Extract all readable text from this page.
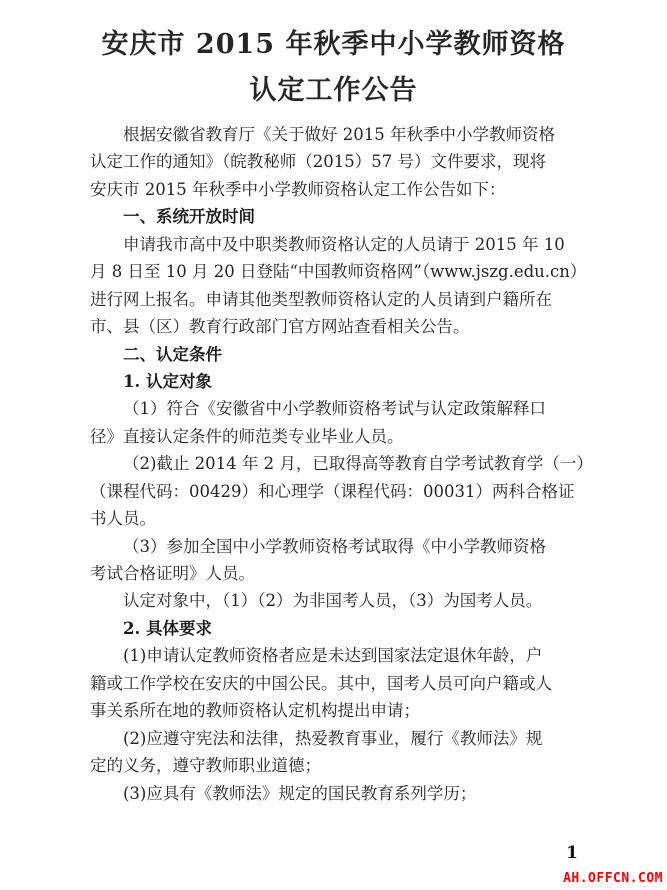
安庆市 2015 年秋季中小学教师资格
认定工作公告
根据安徽省教育厅《关于做好 2015 年秋季中小学教师资格
认定工作的通知》（皖教秘师（2015）57 号）文件要求，现将
安庆市 2015 年秋季中小学教师资格认定工作公告如下：
一、系统开放时间
申请我市高中及中职类教师资格认定的人员请于 2015 年 10
月 8 日至 10 月 20 日登陆“中国教师资格网”（www.jszg.edu.cn）
进行网上报名。申请其他类型教师资格认定的人员请到户籍所在
市、县（区）教育行政部门官方网站查看相关公告。
二、认定条件
1. 认定对象
（1）符合《安徽省中小学教师资格考试与认定政策解释口
径》直接认定条件的师范类专业毕业人员。
（2)截止 2014 年 2 月，已取得高等教育自学考试教育学（一）
（课程代码：00429）和心理学（课程代码：00031）两科合格证
书人员。
（3）参加全国中小学教师资格考试取得《中小学教师资格
考试合格证明》人员。
认定对象中，（1）（2）为非国考人员，（3）为国考人员。
2. 具体要求
(1)申请认定教师资格者应是未达到国家法定退休年龄，户
籍或工作学校在安庆的中国公民。其中，国考人员可向户籍或人
事关系所在地的教师资格认定机构提出申请；
(2)应遵守宪法和法律，热爱教育事业，履行《教师法》规
定的义务，遵守教师职业道德；
(3)应具有《教师法》规定的国民教育系列学历；
1
AH.OFFCN.COM
